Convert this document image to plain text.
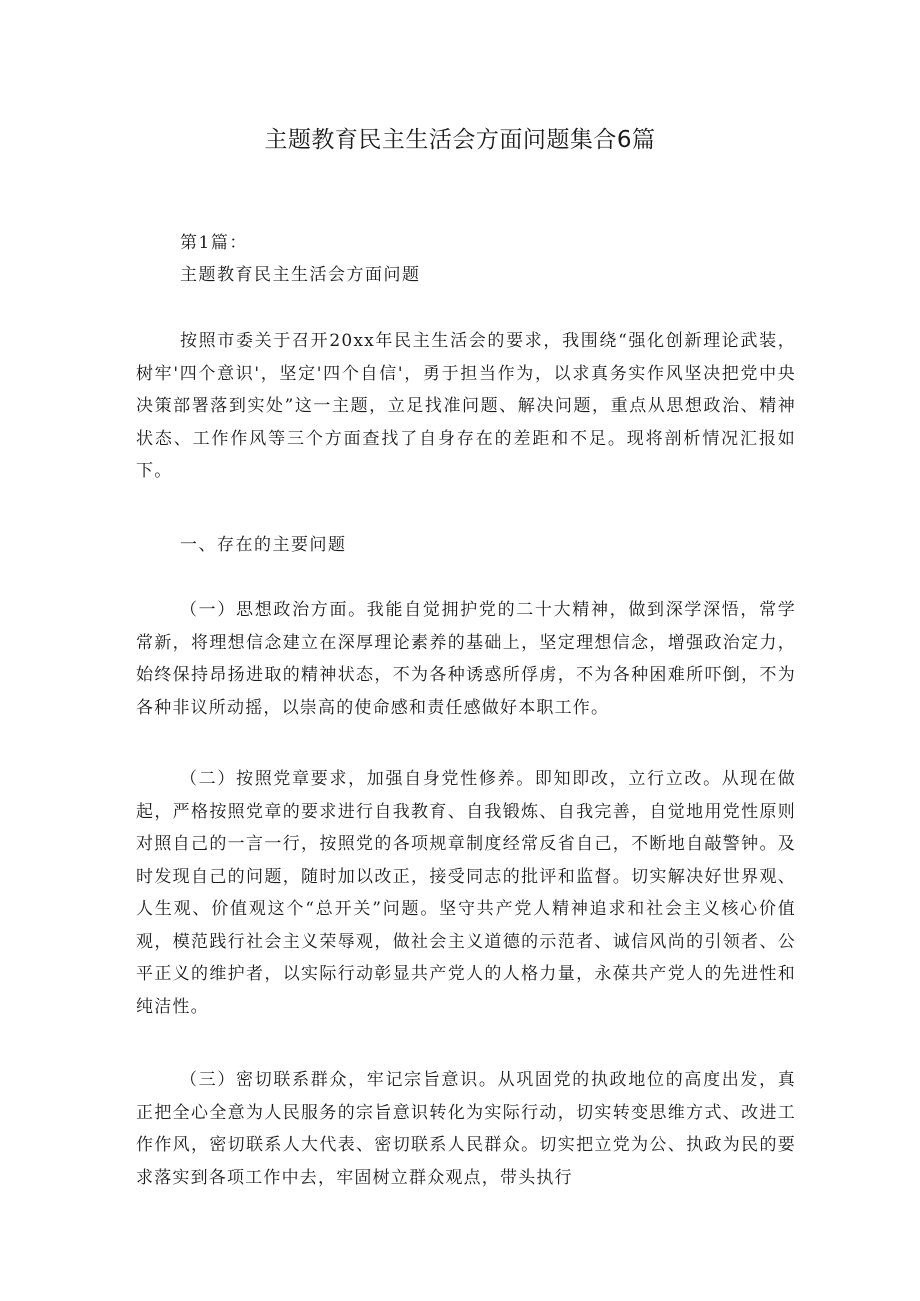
主题教育民主生活会方面问题集合6篇
第1篇：
主题教育民主生活会方面问题

按照市委关于召开20xx年民主生活会的要求，我围绕“强化创新理论武装，树牢'四个意识'，坚定'四个自信'，勇于担当作为，以求真务实作风坚决把党中央决策部署落到实处”这一主题，立足找准问题、解决问题，重点从思想政治、精神状态、工作作风等三个方面查找了自身存在的差距和不足。现将剖析情况汇报如下。

一、存在的主要问题

（一）思想政治方面。我能自觉拥护党的二十大精神，做到深学深悟，常学常新，将理想信念建立在深厚理论素养的基础上，坚定理想信念，增强政治定力，始终保持昂扬进取的精神状态，不为各种诱惑所俘虏，不为各种困难所吓倒，不为各种非议所动摇，以崇高的使命感和责任感做好本职工作。

（二）按照党章要求，加强自身党性修养。即知即改，立行立改。从现在做起，严格按照党章的要求进行自我教育、自我锻炼、自我完善，自觉地用党性原则对照自己的一言一行，按照党的各项规章制度经常反省自己，不断地自敲警钟。及时发现自己的问题，随时加以改正，接受同志的批评和监督。切实解决好世界观、人生观、价值观这个“总开关”问题。坚守共产党人精神追求和社会主义核心价值观，模范践行社会主义荣辱观，做社会主义道德的示范者、诚信风尚的引领者、公平正义的维护者，以实际行动彰显共产党人的人格力量，永葆共产党人的先进性和纯洁性。

（三）密切联系群众，牢记宗旨意识。从巩固党的执政地位的高度出发，真正把全心全意为人民服务的宗旨意识转化为实际行动，切实转变思维方式、改进工作作风，密切联系人大代表、密切联系人民群众。切实把立党为公、执政为民的要求落实到各项工作中去，牢固树立群众观点，带头执行
